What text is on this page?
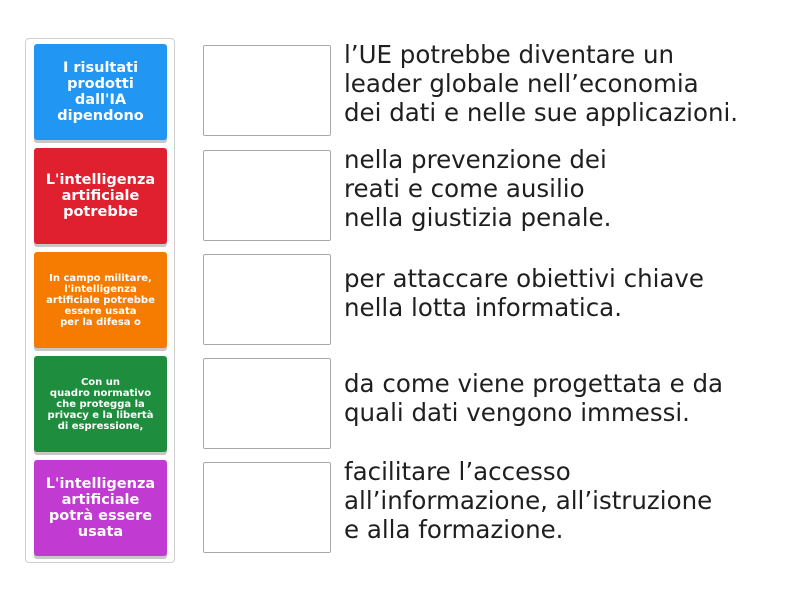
I risultati
prodotti
dall'IA
dipendono
L'intelligenza
artificiale
potrebbe
In campo militare,
l'intelligenza
artificiale potrebbe
essere usata
per la difesa o
Con un
quadro normativo
che protegga la
privacy e la libertà
di espressione,
L'intelligenza
artificiale
potrà essere
usata
l’UE potrebbe diventare un
leader globale nell’economia
dei dati e nelle sue applicazioni.
nella prevenzione dei
reati e come ausilio
nella giustizia penale.
per attaccare obiettivi chiave
nella lotta informatica.
da come viene progettata e da
quali dati vengono immessi.
facilitare l’accesso
all’informazione, all’istruzione
e alla formazione.
